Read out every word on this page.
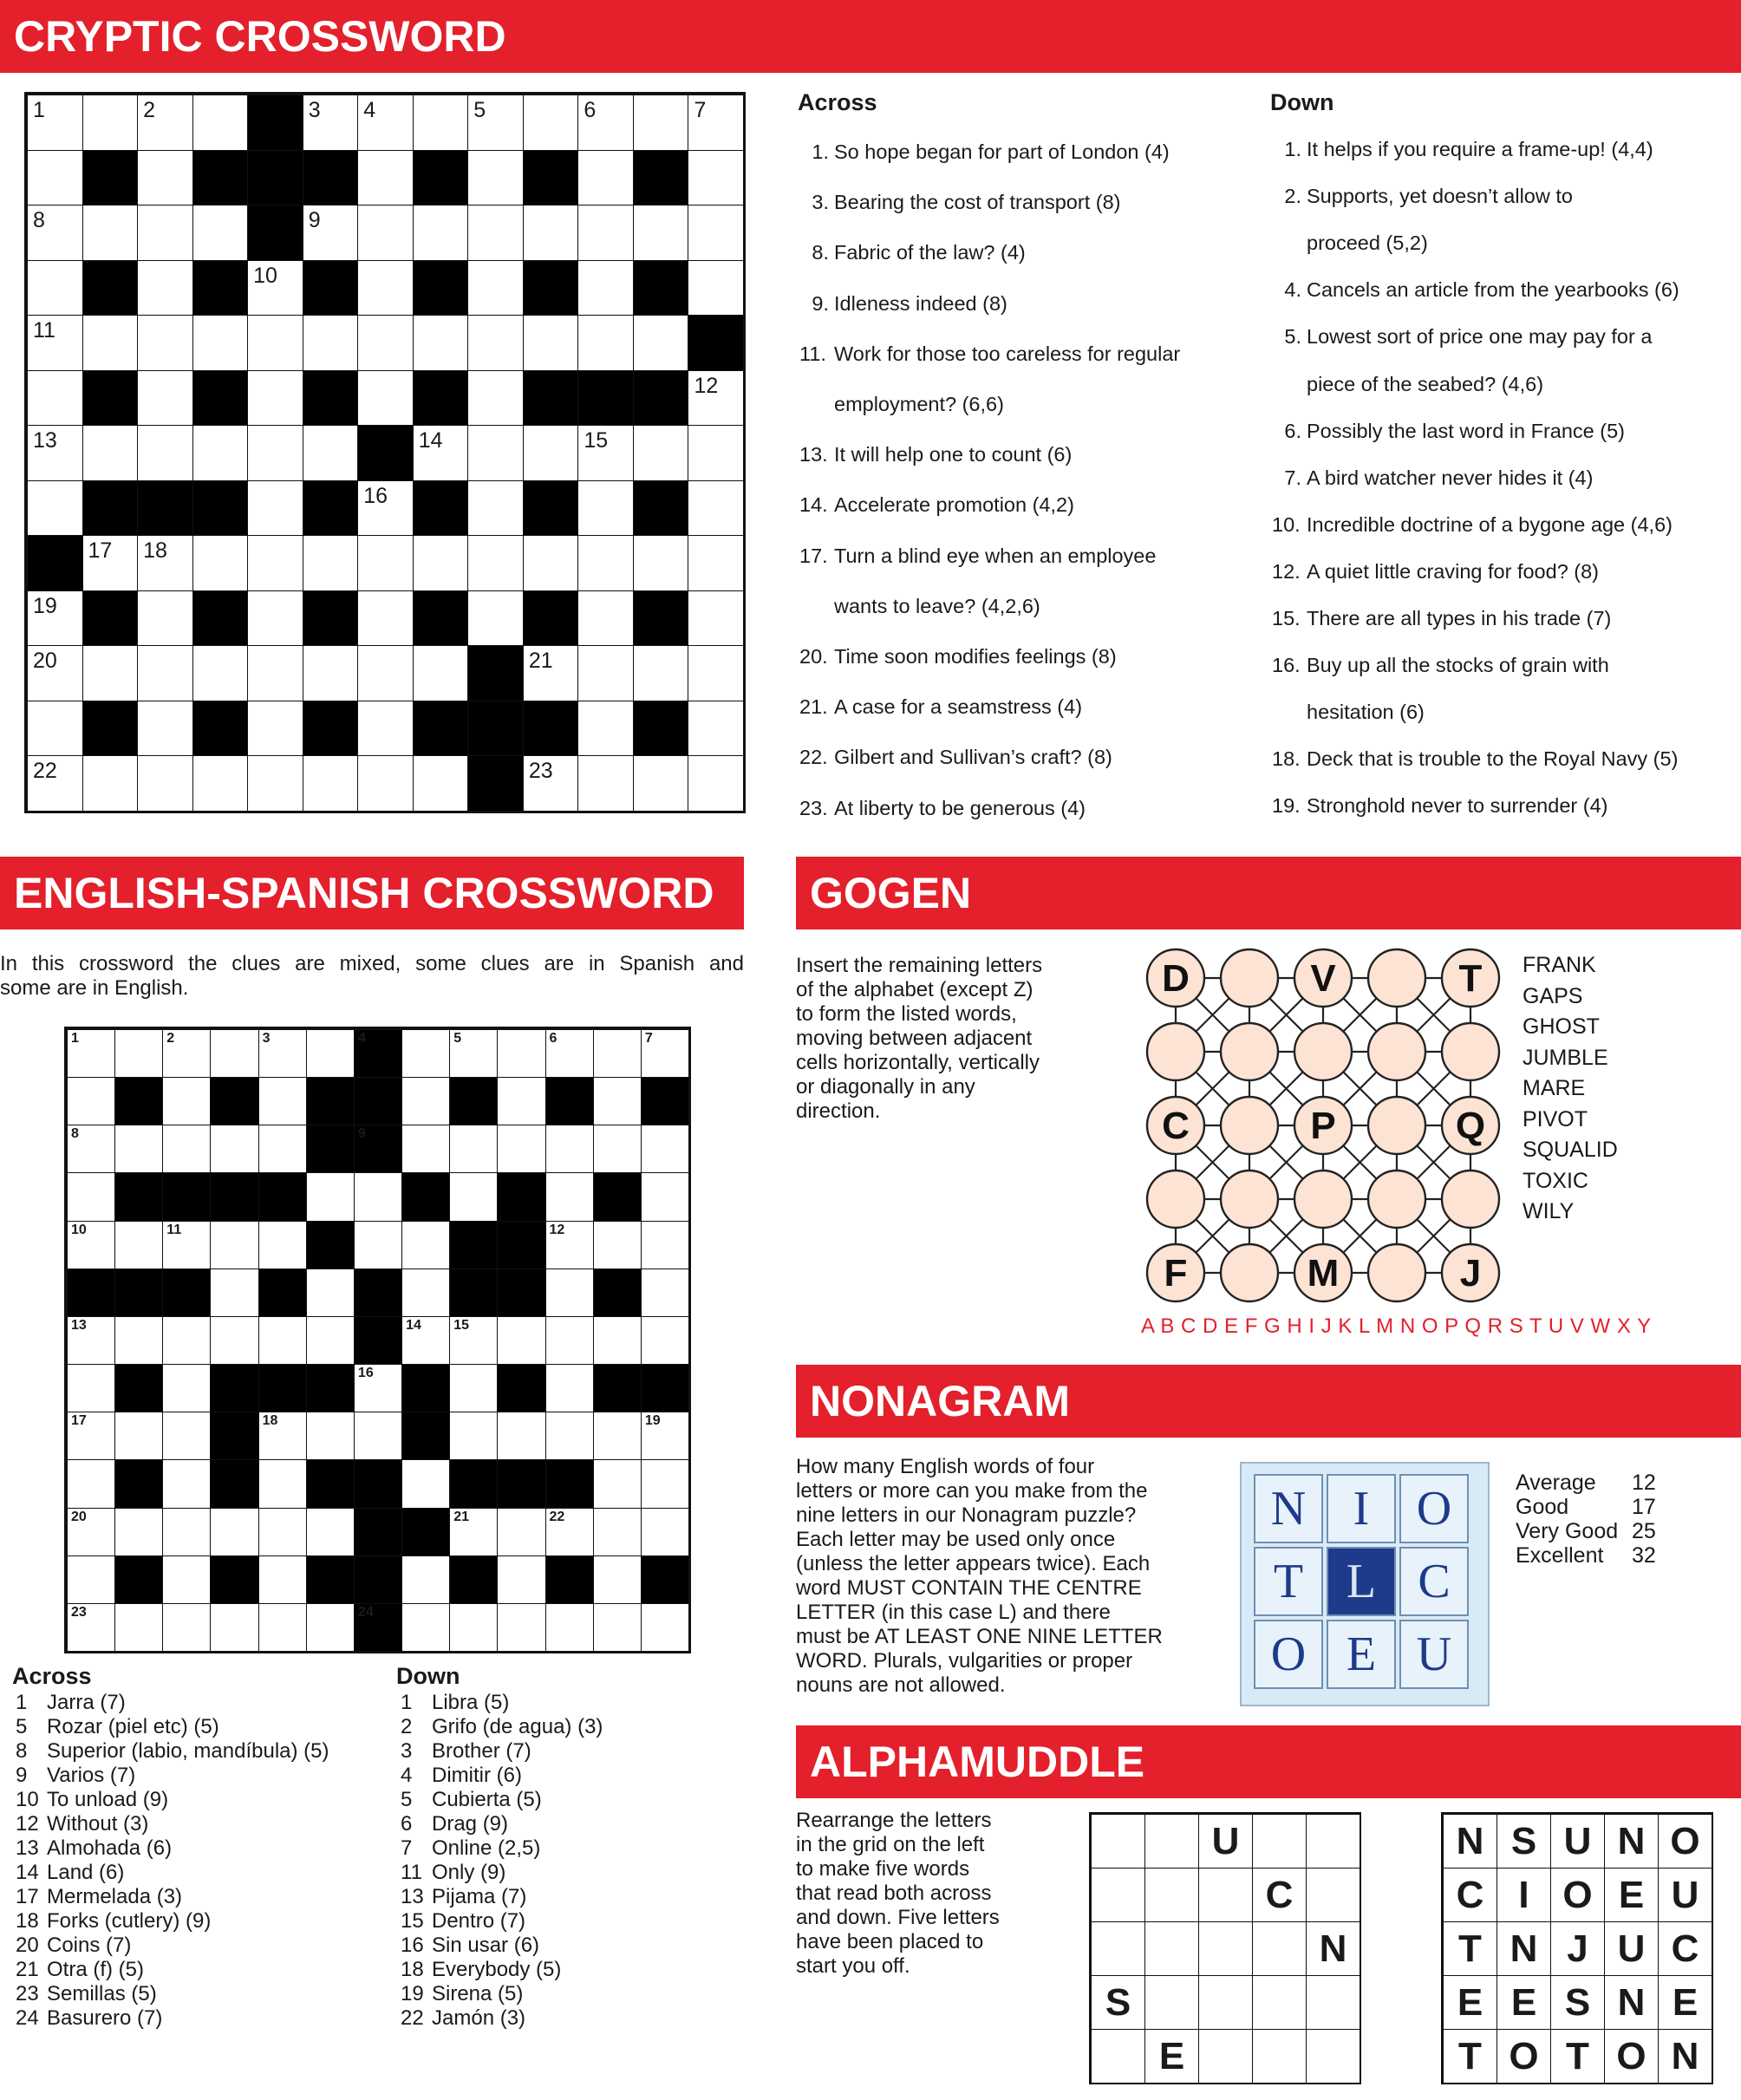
CRYPTIC CROSSWORD
1	2	3 4	5	6	7
8	9
10
11
12
13	14	15
16
17 18
19
20	21
22	23
Across	Down
ENGLISH-SPANISH CROSSWORD
In this crossword the clues are mixed, some clues are in Spanish and
some are in English.
1	2	3	4	5	6	7
8	9
10	11	12
13	14 15
16
17	18	19
20	21	22
23	24
Across	Down
1 Jarra (7)
5 Rozar (piel etc) (5)
8 Superior (labio, mandíbula) (5)
9 Varios (7)
10 To unload (9)
12 Without (3)
13 Almohada (6)
14 Land (6)
17 Mermelada (3)
18 Forks (cutlery) (9)
20 Coins (7)
21 Otra (f) (5)
23 Semillas (5)
24 Basurero (7)
1 Libra (5)
2 Grifo (de agua) (3)
3 Brother (7)
4 Dimitir (6)
5 Cubierta (5)
6 Drag (9)
7 Online (2,5)
11 Only (9)
13 Pijama (7)
15 Dentro (7)
16 Sin usar (6)
18 Everybody (5)
19 Sirena (5)
22 Jamón (3)
GOGEN
Insert the remaining letters
of the alphabet (except Z)
to form the listed words,
moving between adjacent
cells horizontally, vertically
or diagonally in any
direction.
D	V	T
C	P	Q
F	M	J
FRANK
GAPS
GHOST
JUMBLE
MARE
PIVOT
SQUALID
TOXIC
WILY
A B C D E F G H I J K L M N O P Q R S T U V W X Y
NONAGRAM
How many English words of four
letters or more can you make from the
nine letters in our Nonagram puzzle?
Each letter may be used only once
(unless the letter appears twice). Each
word MUST CONTAIN THE CENTRE
LETTER (in this case L) and there
must be AT LEAST ONE NINE LETTER
WORD. Plurals, vulgarities or proper
nouns are not allowed.
N I O
T L C
O E U
Average	12
Good	17
Very Good 25
Excellent	32
ALPHAMUDDLE
Rearrange the letters
in the grid on the left
to make five words
that read both across
and down. Five letters
have been placed to
start you off.
U
C
N
S
E
N S U N O
C I O E U
T N J U C
E E S N E
T O T O N
1. So hope began for part of London (4)
3. Bearing the cost of transport (8)
8. Fabric of the law? (4)
9. Idleness indeed (8)
11. Work for those too careless for regular
employment? (6,6)
13. It will help one to count (6)
14. Accelerate promotion (4,2)
17. Turn a blind eye when an employee
wants to leave? (4,2,6)
20. Time soon modifies feelings (8)
21. A case for a seamstress (4)
22. Gilbert and Sullivan’s craft? (8)
23. At liberty to be generous (4)
1. It helps if you require a frame-up! (4,4)
2. Supports, yet doesn’t allow to
proceed (5,2)
4. Cancels an article from the yearbooks (6)
5. Lowest sort of price one may pay for a
piece of the seabed? (4,6)
6. Possibly the last word in France (5)
7. A bird watcher never hides it (4)
10. Incredible doctrine of a bygone age (4,6)
12. A quiet little craving for food? (8)
15. There are all types in his trade (7)
16. Buy up all the stocks of grain with
hesitation (6)
18. Deck that is trouble to the Royal Navy (5)
19. Stronghold never to surrender (4)
